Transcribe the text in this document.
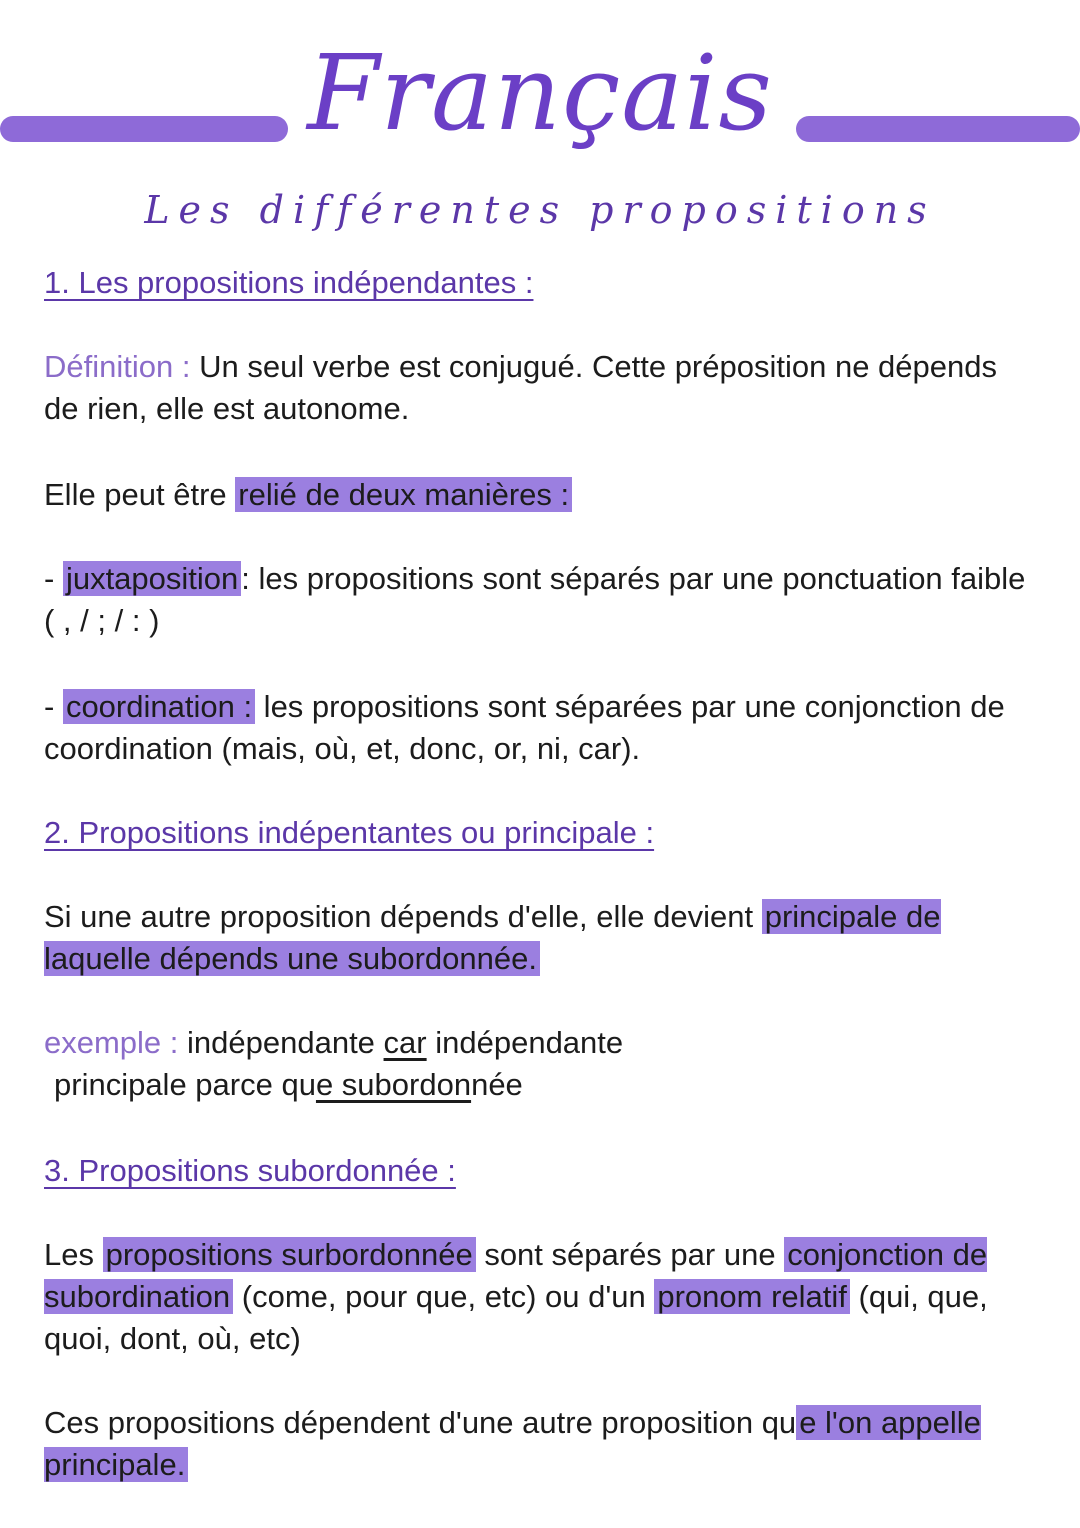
Français
Les différentes propositions
1. Les propositions indépendantes :
Définition : Un seul verbe est conjugué. Cette préposition ne dépends de rien, elle est autonome.
Elle peut être relié de deux manières :
- juxtaposition: les propositions sont séparés par une ponctuation faible ( , / ; / : )
- coordination : les propositions sont séparées par une conjonction de coordination (mais, où, et, donc, or, ni, car).
2. Propositions indépentantes ou principale :
Si une autre proposition dépends d'elle, elle devient principale de laquelle dépends une subordonnée.
exemple : indépendante car indépendante
principale parce que subordonnée
3. Propositions subordonnée :
Les propositions surbordonnée sont séparés par une conjonction de subordination (come, pour que, etc) ou d'un pronom relatif (qui, que, quoi, dont, où, etc)
Ces propositions dépendent d'une autre proposition que l'on appelle principale.
